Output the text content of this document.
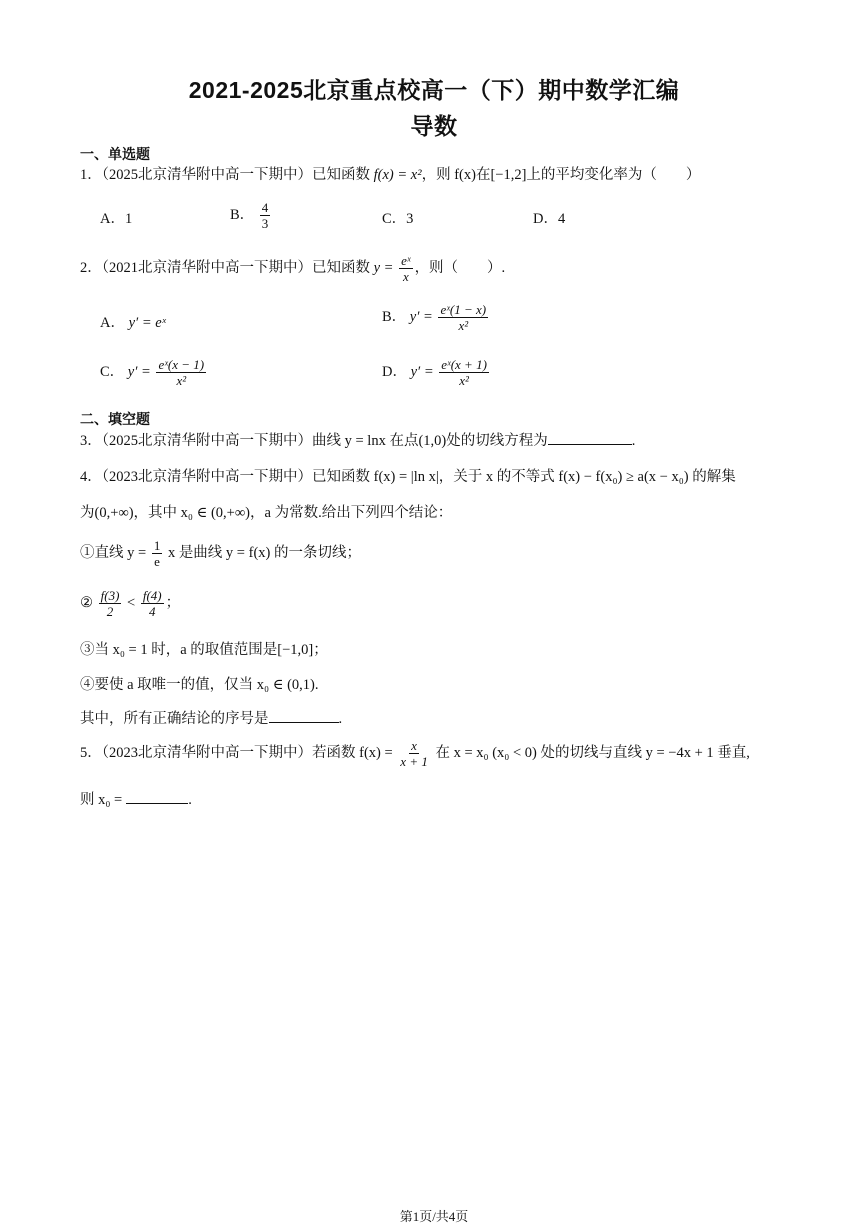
2021-2025北京重点校高一（下）期中数学汇编
导数
一、单选题
1．（2025北京清华附中高一下期中）已知函数 f(x) = x²，则 f(x)在[−1,2]上的平均变化率为（　　）
A．1	B． $\frac{4}{3}$	C．3	D．4
2．（2021北京清华附中高一下期中）已知函数 $y = \frac{\text{eˣ}}{x}$ ，则（　　）.
A． y′ = eˣ	B． $y' = \frac{\text{eˣ(1 − x)}}{\text{x²}}$
C． $y' = \frac{\text{eˣ(x − 1)}}{\text{x²}}$	D． $y' = \frac{\text{eˣ(x + 1)}}{\text{x²}}$
二、填空题
3．（2025北京清华附中高一下期中）曲线 y = lnx 在点(1,0)处的切线方程为	.
4．（2023北京清华附中高一下期中）已知函数 f(x) = |ln x|，关于 x 的不等式 f(x) − f(x₀) ≥ a(x − x₀) 的解集
为(0,+∞)，其中 x₀ ∈ (0,+∞)，a 为常数.给出下列四个结论：
①直线 $y = \frac{1}{e}$ x 是曲线 y = f(x) 的一条切线；
② $\frac{f(3)}{2} < \frac{f(4)}{4}$ ；
③当 x₀ = 1 时，a 的取值范围是[−1,0]；
④要使 a 取唯一的值，仅当 x₀ ∈ (0,1).
其中，所有正确结论的序号是	.
5．（2023北京清华附中高一下期中）若函数 $f(x) = \frac{x}{x + 1}$ 在 x = x₀ (x₀ < 0) 处的切线与直线 y = −4x + 1 垂直,
则 x₀ =	.
第1页/共4页
